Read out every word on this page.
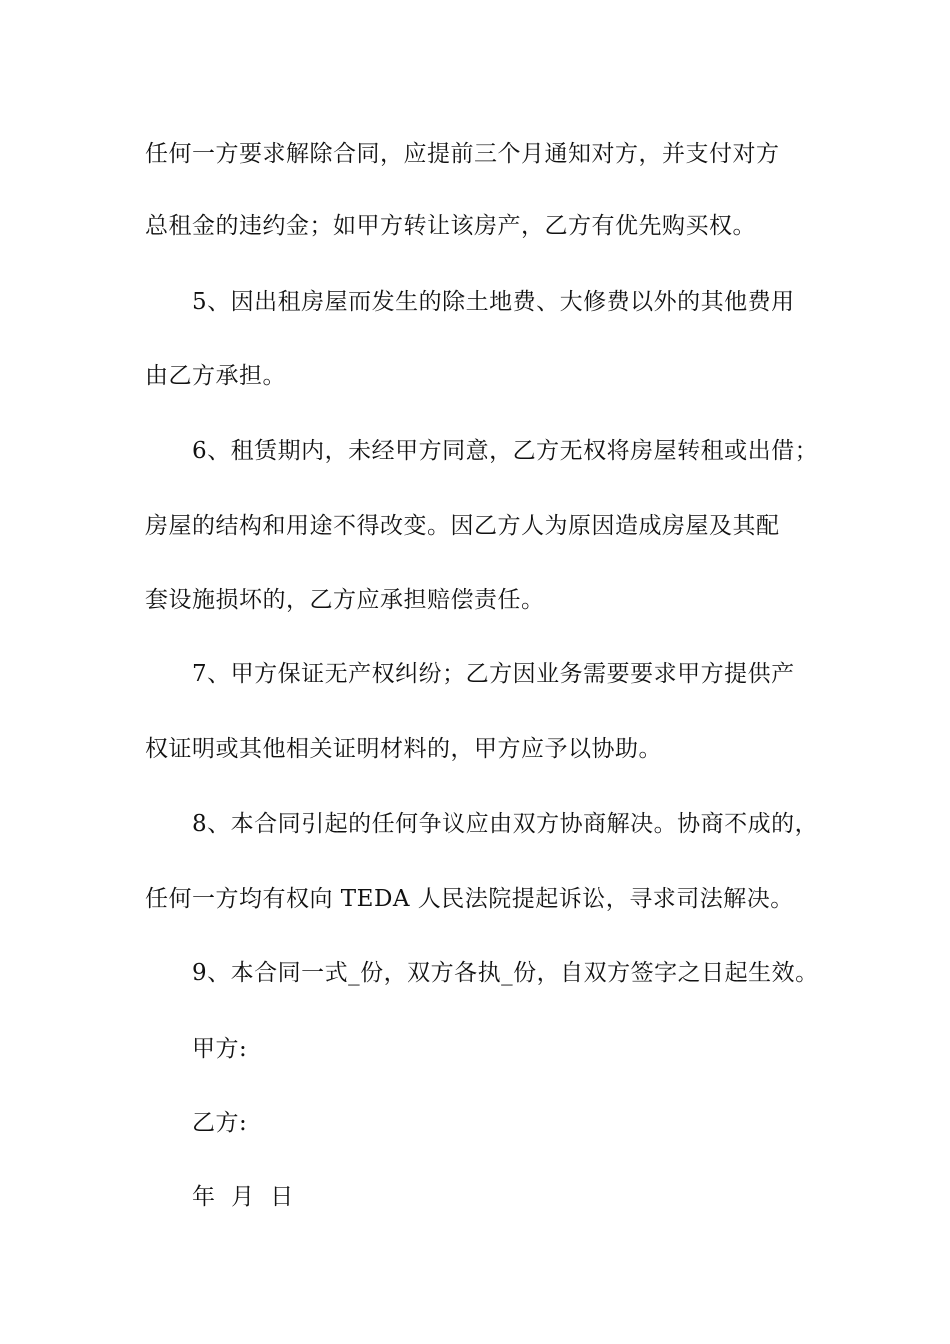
任何一方要求解除合同，应提前三个月通知对方，并支付对方
总租金的违约金；如甲方转让该房产，乙方有优先购买权。
5、因出租房屋而发生的除土地费、大修费以外的其他费用
由乙方承担。
6、租赁期内，未经甲方同意，乙方无权将房屋转租或出借；
房屋的结构和用途不得改变。因乙方人为原因造成房屋及其配
套设施损坏的，乙方应承担赔偿责任。
7、甲方保证无产权纠纷；乙方因业务需要要求甲方提供产
权证明或其他相关证明材料的，甲方应予以协助。
8、本合同引起的任何争议应由双方协商解决。协商不成的，
任何一方均有权向 TEDA 人民法院提起诉讼，寻求司法解决。
9、本合同一式_份，双方各执_份，自双方签字之日起生效。
甲方:
乙方:
年  月  日
